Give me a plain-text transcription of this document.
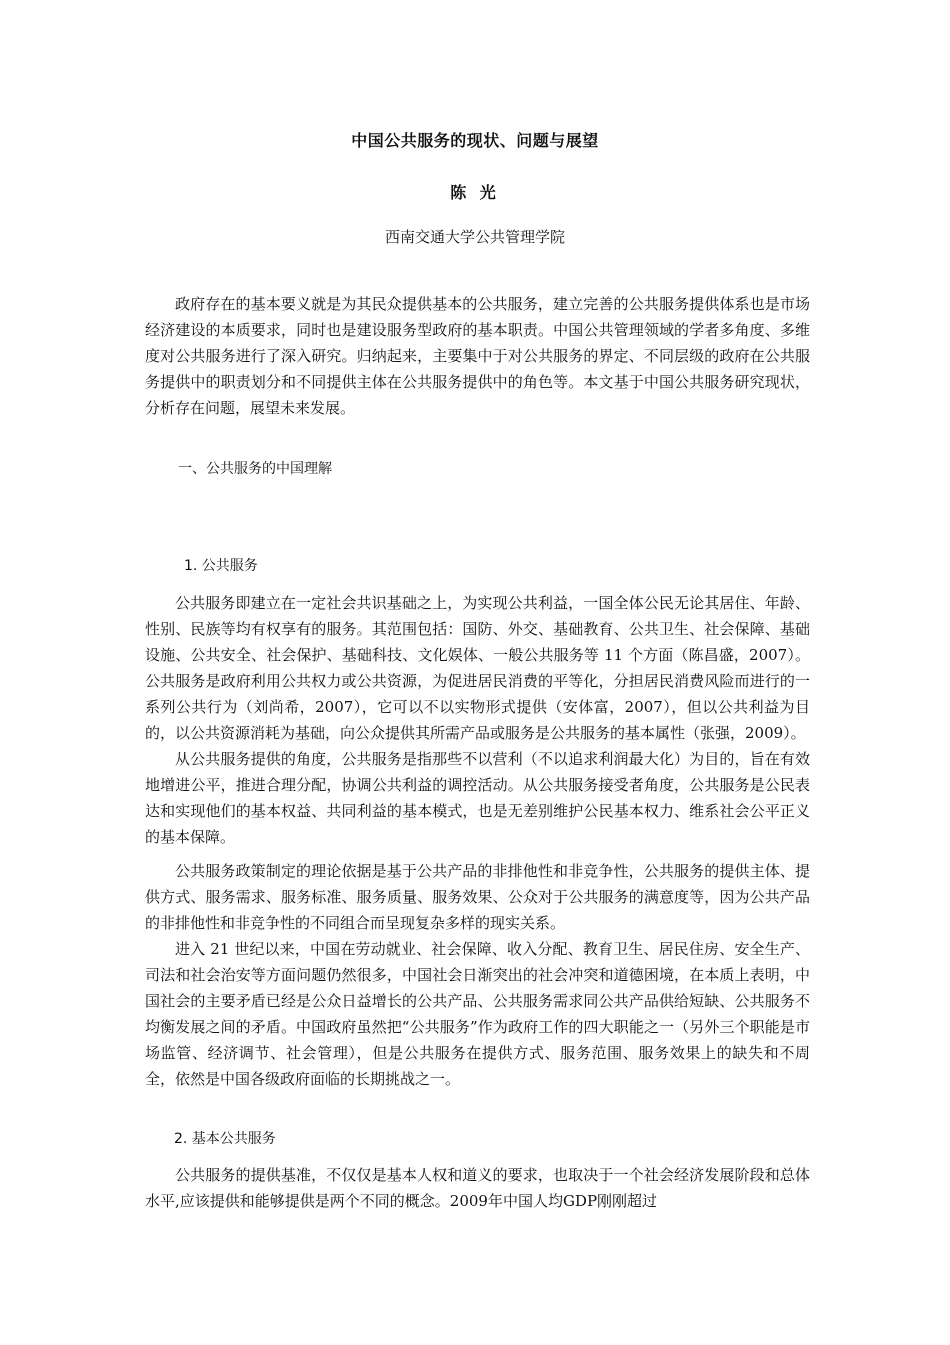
中国公共服务的现状、问题与展望
陈 光
西南交通大学公共管理学院

政府存在的基本要义就是为其民众提供基本的公共服务，建立完善的公共服务提供体系也是市场经济建设的本质要求，同时也是建设服务型政府的基本职责。中国公共管理领域的学者多角度、多维度对公共服务进行了深入研究。归纳起来，主要集中于对公共服务的界定、不同层级的政府在公共服务提供中的职责划分和不同提供主体在公共服务提供中的角色等。本文基于中国公共服务研究现状，分析存在问题，展望未来发展。

一、公共服务的中国理解

1. 公共服务

公共服务即建立在一定社会共识基础之上，为实现公共利益，一国全体公民无论其居住、年龄、性别、民族等均有权享有的服务。其范围包括：国防、外交、基础教育、公共卫生、社会保障、基础设施、公共安全、社会保护、基础科技、文化娱体、一般公共服务等 11 个方面（陈昌盛，2007）。公共服务是政府利用公共权力或公共资源，为促进居民消费的平等化，分担居民消费风险而进行的一系列公共行为（刘尚希，2007），它可以不以实物形式提供（安体富，2007），但以公共利益为目的，以公共资源消耗为基础，向公众提供其所需产品或服务是公共服务的基本属性（张强，2009）。

从公共服务提供的角度，公共服务是指那些不以营利（不以追求利润最大化）为目的，旨在有效地增进公平，推进合理分配，协调公共利益的调控活动。从公共服务接受者角度，公共服务是公民表达和实现他们的基本权益、共同利益的基本模式，也是无差别维护公民基本权力、维系社会公平正义的基本保障。

公共服务政策制定的理论依据是基于公共产品的非排他性和非竞争性，公共服务的提供主体、提供方式、服务需求、服务标准、服务质量、服务效果、公众对于公共服务的满意度等，因为公共产品的非排他性和非竞争性的不同组合而呈现复杂多样的现实关系。

进入 21 世纪以来，中国在劳动就业、社会保障、收入分配、教育卫生、居民住房、安全生产、司法和社会治安等方面问题仍然很多，中国社会日渐突出的社会冲突和道德困境，在本质上表明，中国社会的主要矛盾已经是公众日益增长的公共产品、公共服务需求同公共产品供给短缺、公共服务不均衡发展之间的矛盾。中国政府虽然把“公共服务”作为政府工作的四大职能之一（另外三个职能是市场监管、经济调节、社会管理），但是公共服务在提供方式、服务范围、服务效果上的缺失和不周全，依然是中国各级政府面临的长期挑战之一。

2. 基本公共服务

公共服务的提供基准，不仅仅是基本人权和道义的要求，也取决于一个社会经济发展阶段和总体水平,应该提供和能够提供是两个不同的概念。2009年中国人均GDP刚刚超过
